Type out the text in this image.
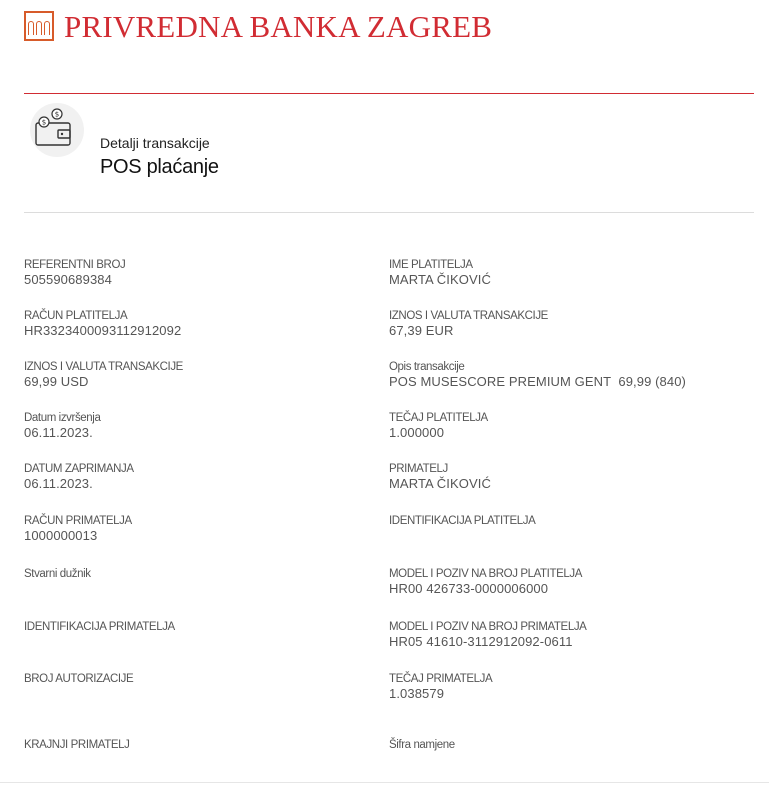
PRIVREDNA BANKA ZAGREB
$
$
Detalji transakcije
POS plaćanje
REFERENTNI BROJ
505590689384
RAČUN PLATITELJA
HR3323400093112912092
IZNOS I VALUTA TRANSAKCIJE
69,99 USD
Datum izvršenja
06.11.2023.
DATUM ZAPRIMANJA
06.11.2023.
RAČUN PRIMATELJA
1000000013
Stvarni dužnik
IDENTIFIKACIJA PRIMATELJA
BROJ AUTORIZACIJE
KRAJNJI PRIMATELJ
IME PLATITELJA
MARTA ČIKOVIĆ
IZNOS I VALUTA TRANSAKCIJE
67,39 EUR
Opis transakcije
POS MUSESCORE PREMIUM GENT  69,99 (840)
TEČAJ PLATITELJA
1.000000
PRIMATELJ
MARTA ČIKOVIĆ
IDENTIFIKACIJA PLATITELJA
MODEL I POZIV NA BROJ PLATITELJA
HR00 426733-0000006000
MODEL I POZIV NA BROJ PRIMATELJA
HR05 41610-3112912092-0611
TEČAJ PRIMATELJA
1.038579
Šifra namjene
